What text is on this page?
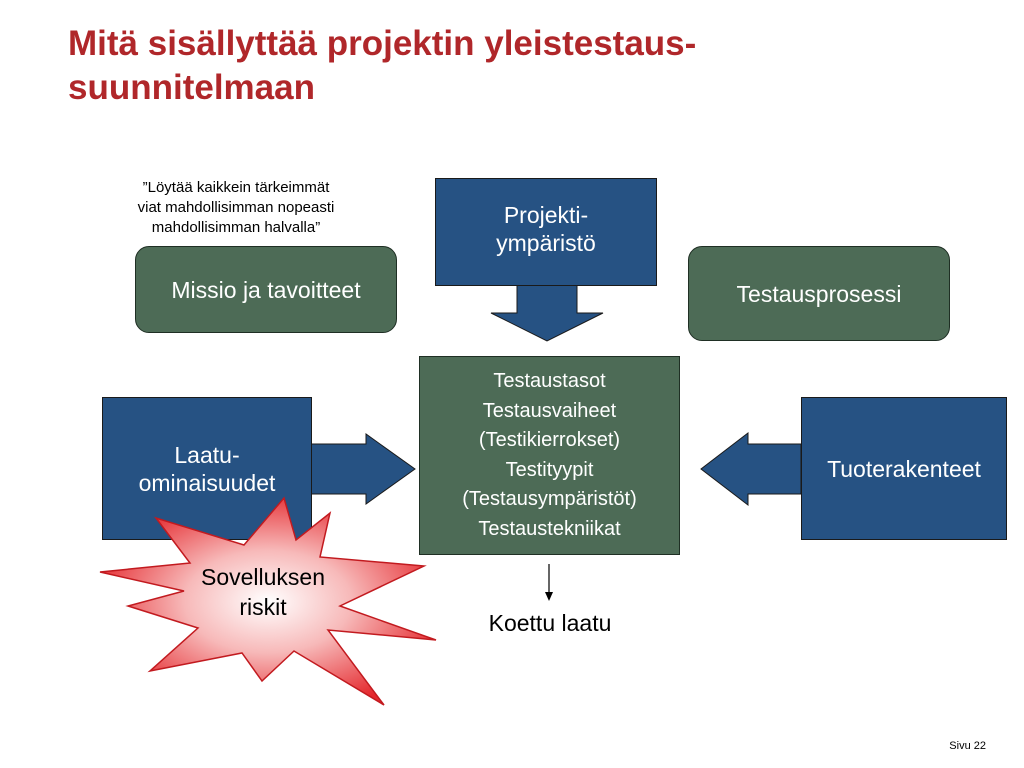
Mitä sisällyttää projektin yleistestaus-
suunnitelmaan
”Löytää kaikkein tärkeimmät
viat mahdollisimman nopeasti
mahdollisimman halvalla”
Missio ja tavoitteet	Testausprosessi
Projekti-
ympäristö
Laatu-
ominaisuudet
Tuoterakenteet
Testaustasot
Testausvaiheet
(Testikierrokset)
Testityypit
(Testausympäristöt)
Testaustekniikat
Sovelluksen
riskit
Koettu laatu
Sivu 22
